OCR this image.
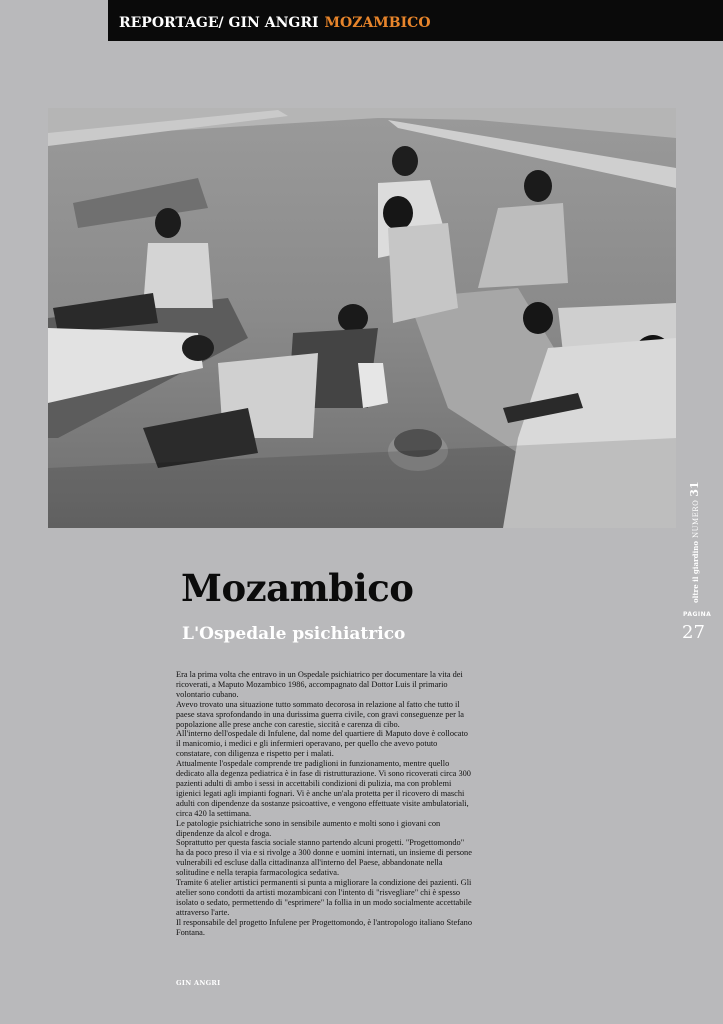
REPORTAGE/ GIN ANGRI MOZAMBICO
oltre il giardinoNUMERO31
PAGINA
27
Mozambico
L'Ospedale psichiatrico

Era la prima volta che entravo in un Ospedale psichiatrico per documentare la vita dei ricoverati, a Maputo Mozambico 1986, accompagnato dal Dottor Luis il primario volontario cubano.

Avevo trovato una situazione tutto sommato decorosa in relazione al fatto che tutto il paese stava sprofondando in una durissima guerra civile, con gravi conseguenze per la popolazione alle prese anche con carestie, siccità e carenza di cibo.

All'interno dell'ospedale di Infulene, dal nome del quartiere di Maputo dove è collocato il manicomio, i medici e gli infermieri operavano, per quello che avevo potuto constatare, con diligenza e rispetto per i malati.

Attualmente l'ospedale comprende tre padiglioni in funzionamento, mentre quello dedicato alla degenza pediatrica è in fase di ristrutturazione. Vi sono ricoverati circa 300 pazienti adulti di ambo i sessi in accettabili condizioni di pulizia, ma con problemi igienici legati agli impianti fognari. Vi è anche un'ala protetta per il ricovero di maschi adulti con dipendenze da sostanze psicoattive, e vengono effettuate visite ambulatoriali, circa 420 la settimana.

Le patologie psichiatriche sono in sensibile aumento e molti sono i giovani con dipendenze da alcol e droga.

Soprattutto per questa fascia sociale stanno partendo alcuni progetti. "Progettomondo" ha da poco preso il via e si rivolge a 300 donne e uomini internati, un insieme di persone vulnerabili ed escluse dalla cittadinanza all'interno del Paese, abbandonate nella solitudine e nella terapia farmacologica sedativa.

Tramite 6 atelier artistici permanenti si punta a migliorare la condizione dei pazienti. Gli atelier sono condotti da artisti mozambicani con l'intento di "risvegliare" chi è spesso isolato o sedato, permettendo di "esprimere" la follia in un modo socialmente accettabile attraverso l'arte.

Il responsabile del progetto Infulene per Progettomondo, è l'antropologo italiano Stefano Fontana.

GIN ANGRI
